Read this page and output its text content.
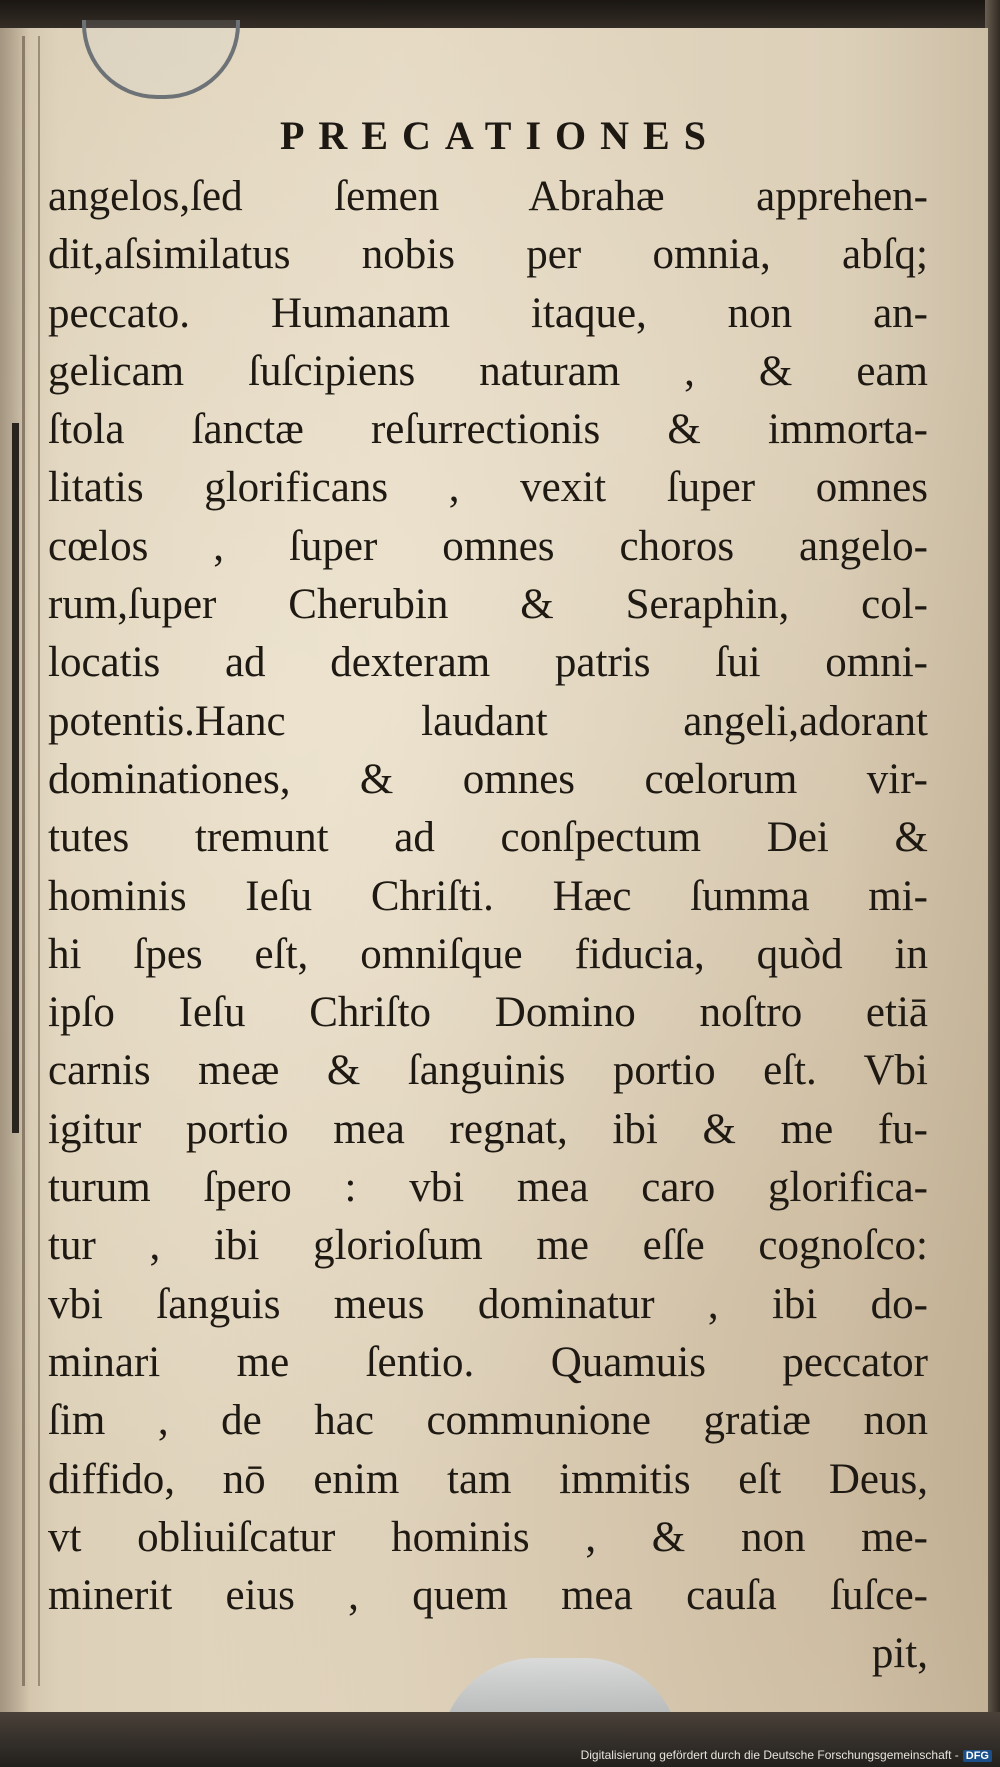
PRECATIONES
angelos,ſed ſemen Abrahæ apprehen-
dit,aſsimilatus nobis per omnia, abſq;
peccato. Humanam itaque, non an-
gelicam ſuſcipiens naturam , & eam
ſtola ſanctæ reſurrectionis & immorta-
litatis glorificans , vexit ſuper omnes
cœlos , ſuper omnes choros angelo-
rum,ſuper Cherubin & Seraphin, col-
locatis ad dexteram patris ſui omni-
potentis.Hanc laudant angeli,adorant
dominationes, & omnes cœlorum vir-
tutes tremunt ad conſpectum Dei &
hominis Ieſu Chriſti. Hæc ſumma mi-
hi ſpes eſt, omniſque fiducia, quòd in
ipſo Ieſu Chriſto Domino noſtro etiā
carnis meæ & ſanguinis portio eſt. Vbi
igitur portio mea regnat, ibi & me fu-
turum ſpero : vbi mea caro glorifica-
tur , ibi glorioſum me eſſe cognoſco:
vbi ſanguis meus dominatur , ibi do-
minari me ſentio. Quamuis peccator
ſim , de hac communione gratiæ non
diffido, nō enim tam immitis eſt Deus,
vt obliuiſcatur hominis , & non me-
minerit eius , quem mea cauſa ſuſce-
pit,
Digitalisierung gefördert durch die Deutsche Forschungsgemeinschaft - DFG
